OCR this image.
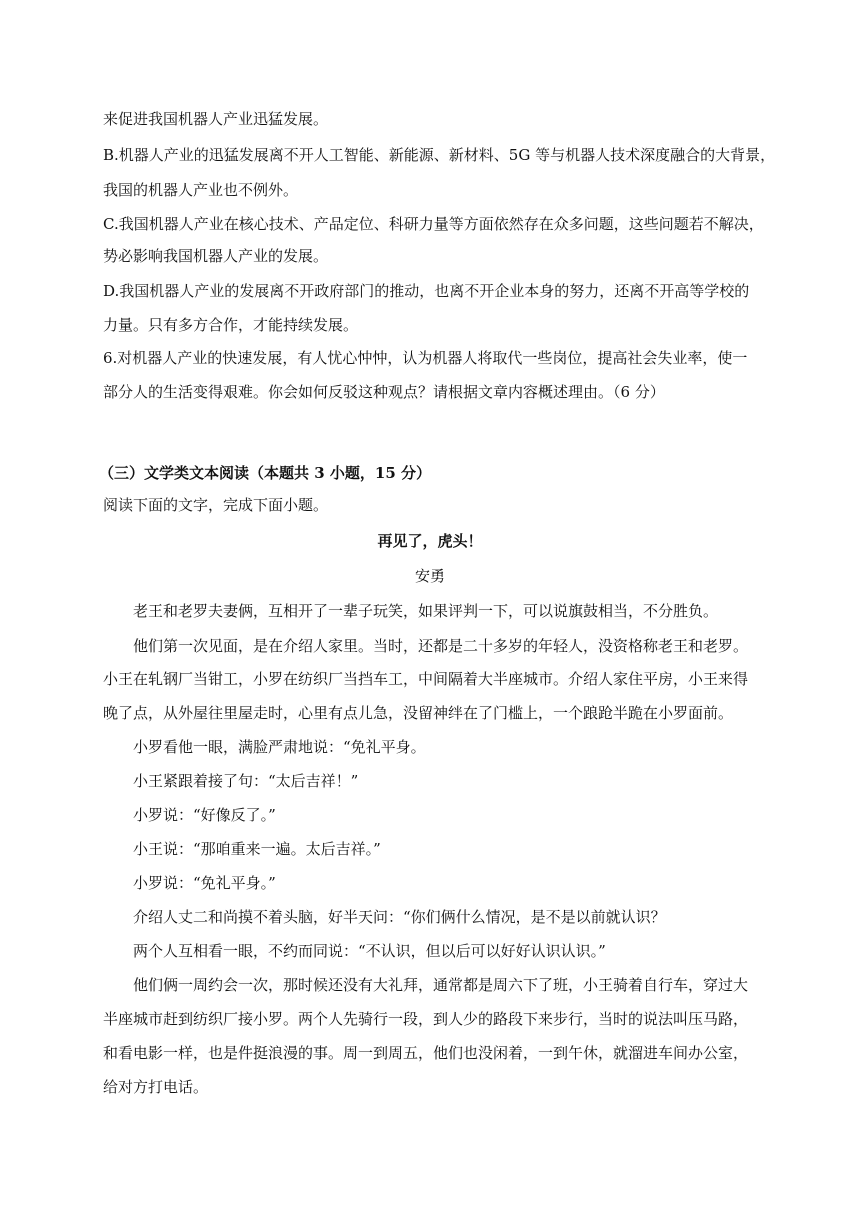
来促进我国机器人产业迅猛发展。
B.机器人产业的迅猛发展离不开人工智能、新能源、新材料、5G 等与机器人技术深度融合的大背景，
我国的机器人产业也不例外。
C.我国机器人产业在核心技术、产品定位、科研力量等方面依然存在众多问题，这些问题若不解决，
势必影响我国机器人产业的发展。
D.我国机器人产业的发展离不开政府部门的推动，也离不开企业本身的努力，还离不开高等学校的
力量。只有多方合作，才能持续发展。
6.对机器人产业的快速发展，有人忧心忡忡，认为机器人将取代一些岗位，提高社会失业率，使一
部分人的生活变得艰难。你会如何反驳这种观点？请根据文章内容概述理由。（6 分）
（三）文学类文本阅读（本题共 3 小题，15 分）
阅读下面的文字，完成下面小题。
再见了，虎头！
安勇
老王和老罗夫妻俩，互相开了一辈子玩笑，如果评判一下，可以说旗鼓相当，不分胜负。
他们第一次见面，是在介绍人家里。当时，还都是二十多岁的年轻人，没资格称老王和老罗。
小王在轧钢厂当钳工，小罗在纺织厂当挡车工，中间隔着大半座城市。介绍人家住平房，小王来得
晚了点，从外屋往里屋走时，心里有点儿急，没留神绊在了门槛上，一个踉跄半跪在小罗面前。
小罗看他一眼，满脸严肃地说：“免礼平身。
小王紧跟着接了句：“太后吉祥！”
小罗说：“好像反了。”
小王说：“那咱重来一遍。太后吉祥。”
小罗说：“免礼平身。”
介绍人丈二和尚摸不着头脑，好半天问：“你们俩什么情况，是不是以前就认识？
两个人互相看一眼，不约而同说：“不认识，但以后可以好好认识认识。”
他们俩一周约会一次，那时候还没有大礼拜，通常都是周六下了班，小王骑着自行车，穿过大
半座城市赶到纺织厂接小罗。两个人先骑行一段，到人少的路段下来步行，当时的说法叫压马路，
和看电影一样，也是件挺浪漫的事。周一到周五，他们也没闲着，一到午休，就溜进车间办公室，
给对方打电话。
